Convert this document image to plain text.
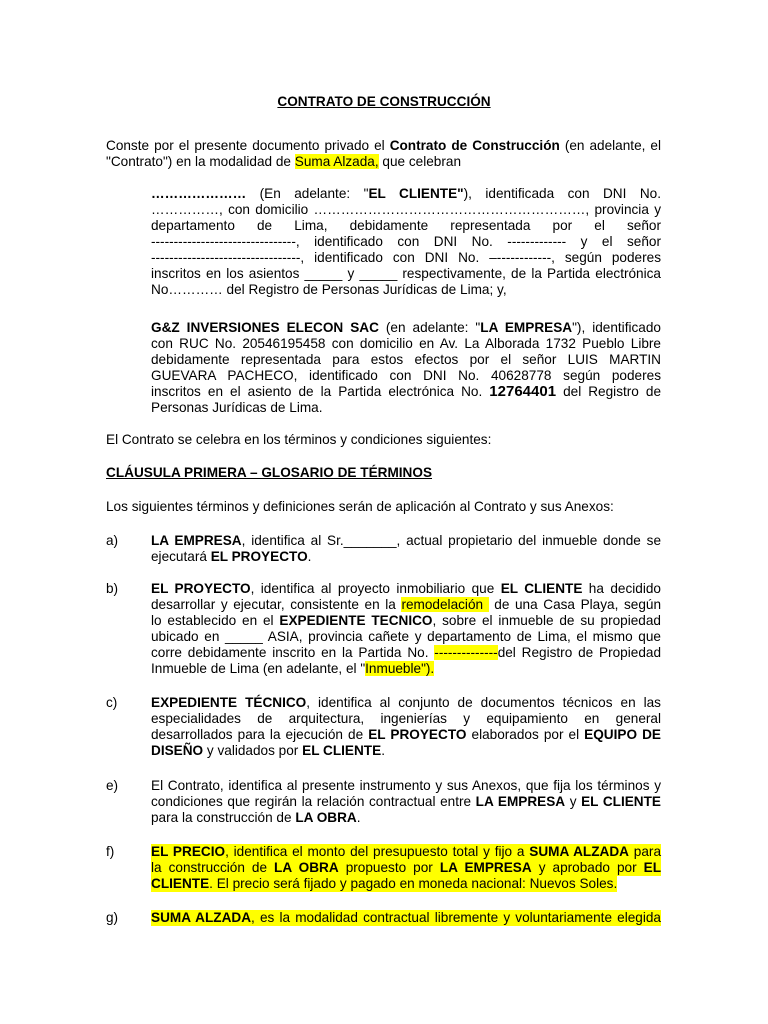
CONTRATO DE CONSTRUCCIÓN
Conste por el presente documento privado el Contrato de Construcción (en adelante, el
"Contrato") en la modalidad de Suma Alzada, que celebran
………………… (En adelante: "EL CLIENTE"), identificada con DNI No.
……………, con domicilio ……………………………………………………, provincia y
departamento de Lima, debidamente representada por el señor
--------------------------------, identificado con DNI No. ------------- y el señor
---------------------------------, identificado con DNI No. –------------, según poderes
inscritos en los asientos _____ y _____ respectivamente, de la Partida electrónica
No………… del Registro de Personas Jurídicas de Lima; y,
G&Z INVERSIONES ELECON SAC (en adelante: "LA EMPRESA"), identificado
con RUC No. 20546195458 con domicilio en Av. La Alborada 1732 Pueblo Libre
debidamente representada para estos efectos por el señor LUIS MARTIN
GUEVARA PACHECO, identificado con DNI No. 40628778 según poderes
inscritos en el asiento de la Partida electrónica No. 12764401 del Registro de
Personas Jurídicas de Lima.
El Contrato se celebra en los términos y condiciones siguientes:
CLÁUSULA PRIMERA – GLOSARIO DE TÉRMINOS
Los siguientes términos y definiciones serán de aplicación al Contrato y sus Anexos:
a) LA EMPRESA, identifica al Sr._______, actual propietario del inmueble donde se
ejecutará EL PROYECTO.
b) EL PROYECTO, identifica al proyecto inmobiliario que EL CLIENTE ha decidido
desarrollar y ejecutar, consistente en la remodelación  de una Casa Playa, según
lo establecido en el EXPEDIENTE TECNICO, sobre el inmueble de su propiedad
ubicado en _____ ASIA, provincia cañete y departamento de Lima, el mismo que
corre debidamente inscrito en la Partida No. --------------del Registro de Propiedad
Inmueble de Lima (en adelante, el "Inmueble").
c) EXPEDIENTE TÉCNICO, identifica al conjunto de documentos técnicos en las
especialidades de arquitectura, ingenierías y equipamiento en general
desarrollados para la ejecución de EL PROYECTO elaborados por el EQUIPO DE
DISEÑO y validados por EL CLIENTE.
e) El Contrato, identifica al presente instrumento y sus Anexos, que fija los términos y
condiciones que regirán la relación contractual entre LA EMPRESA y EL CLIENTE
para la construcción de LA OBRA.
f)	EL PRECIO, identifica el monto del presupuesto total y fijo a SUMA ALZADA para
la construcción de LA OBRA propuesto por LA EMPRESA y aprobado por EL
CLIENTE. El precio será fijado y pagado en moneda nacional: Nuevos Soles.
g) SUMA ALZADA, es la modalidad contractual libremente y voluntariamente elegida
